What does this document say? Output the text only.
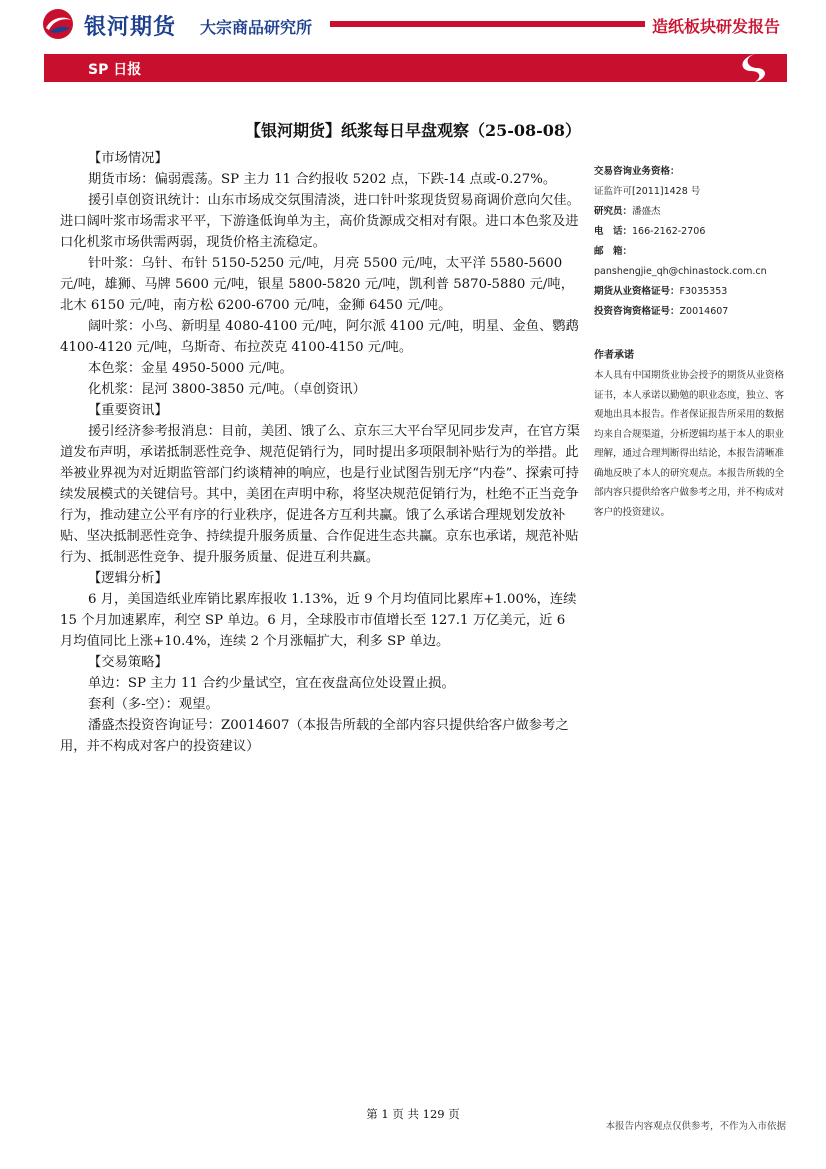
银河期货 大宗商品研究所	造纸板块研发报告
SP 日报
【银河期货】纸浆每日早盘观察（25-08-08）

【市场情况】

期货市场：偏弱震荡。SP 主力 11 合约报收 5202 点，下跌-14 点或-0.27%。

援引卓创资讯统计：山东市场成交氛围清淡，进口针叶浆现货贸易商调价意向欠佳。进口阔叶浆市场需求平平，下游逢低询单为主，高价货源成交相对有限。进口本色浆及进口化机浆市场供需两弱，现货价格主流稳定。

针叶浆：乌针、布针 5150-5250 元/吨，月亮 5500 元/吨，太平洋 5580-5600 元/吨，雄狮、马牌 5600 元/吨，银星 5800-5820 元/吨，凯利普 5870-5880 元/吨，北木 6150 元/吨，南方松 6200-6700 元/吨，金狮 6450 元/吨。

阔叶浆：小鸟、新明星 4080-4100 元/吨，阿尔派 4100 元/吨，明星、金鱼、鹦鹉 4100-4120 元/吨，乌斯奇、布拉茨克 4100-4150 元/吨。

本色浆：金星 4950-5000 元/吨。

化机浆：昆河 3800-3850 元/吨。（卓创资讯）

【重要资讯】

援引经济参考报消息：目前，美团、饿了么、京东三大平台罕见同步发声，在官方渠道发布声明，承诺抵制恶性竞争、规范促销行为，同时提出多项限制补贴行为的举措。此举被业界视为对近期监管部门约谈精神的响应，也是行业试图告别无序“内卷”、探索可持续发展模式的关键信号。其中，美团在声明中称，将坚决规范促销行为，杜绝不正当竞争行为，推动建立公平有序的行业秩序，促进各方互利共赢。饿了么承诺合理规划发放补贴、坚决抵制恶性竞争、持续提升服务质量、合作促进生态共赢。京东也承诺，规范补贴行为、抵制恶性竞争、提升服务质量、促进互利共赢。

【逻辑分析】

6 月，美国造纸业库销比累库报收 1.13%，近 9 个月均值同比累库+1.00%，连续 15 个月加速累库，利空 SP 单边。6 月，全球股市市值增长至 127.1 万亿美元，近 6 月均值同比上涨+10.4%，连续 2 个月涨幅扩大，利多 SP 单边。

【交易策略】

单边：SP 主力 11 合约少量试空，宜在夜盘高位处设置止损。

套利（多-空）：观望。

潘盛杰投资咨询证号：Z0014607（本报告所载的全部内容只提供给客户做参考之用，并不构成对客户的投资建议）

交易咨询业务资格：
证监许可[2011]1428 号
研究员：潘盛杰
电　话：166-2162-2706
邮　箱：
panshengjie_qh@chinastock.com.cn
期货从业资格证号：F3035353
投资咨询资格证号：Z0014607
作者承诺
本人具有中国期货业协会授予的期货从业资格证书，本人承诺以勤勉的职业态度，独立、客观地出具本报告。作者保证报告所采用的数据均来自合规渠道，分析逻辑均基于本人的职业理解，通过合理判断得出结论，本报告清晰准确地反映了本人的研究观点。本报告所载的全部内容只提供给客户做参考之用，并不构成对客户的投资建议。
第 1 页 共 129 页
本报告内容观点仅供参考，不作为入市依据
